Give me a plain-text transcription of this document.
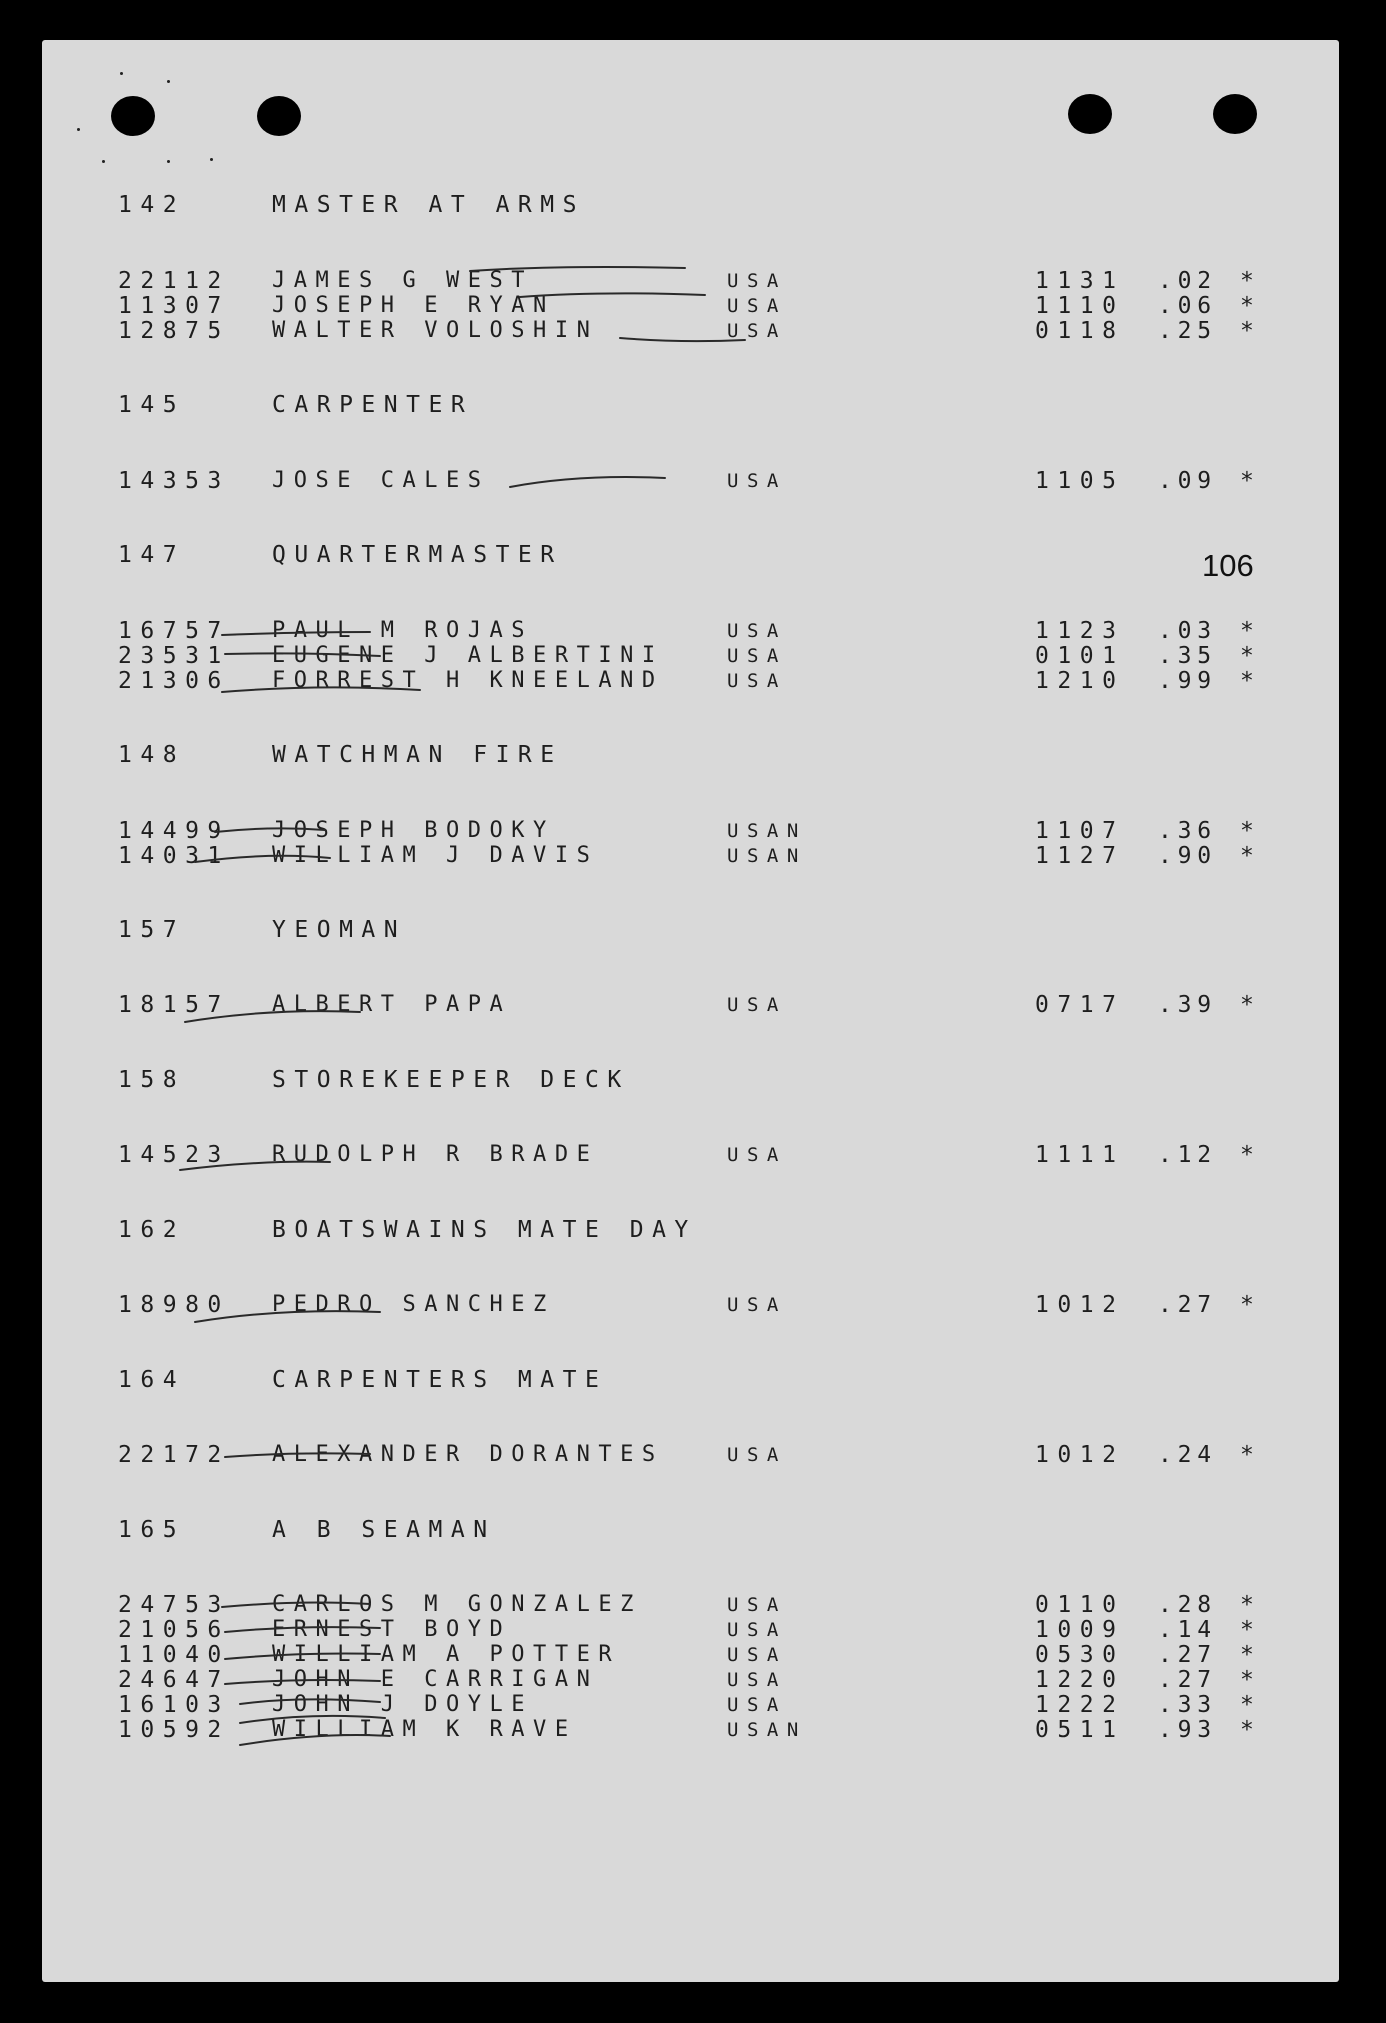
142	MASTER AT ARMS
22112 JAMES G WEST	USA	1131 .02 *
11307 JOSEPH E RYAN	USA	1110 .06 *
12875 WALTER VOLOSHIN	USA	0118 .25 *
145	CARPENTER
14353 JOSE CALES	USA	1105 .09 *
147	QUARTERMASTER
16757 PAUL M ROJAS	USA	1123 .03 *
23531 EUGENE J ALBERTINI	USA	0101 .35 *
21306 FORREST H KNEELAND	USA	1210 .99 *
148	WATCHMAN FIRE
14499 JOSEPH BODOKY	USAN	1107 .36 *
14031 WILLIAM J DAVIS	USAN	1127 .90 *
157	YEOMAN
18157 ALBERT PAPA	USA	0717 .39 *
158	STOREKEEPER DECK
14523 RUDOLPH R BRADE	USA	1111 .12 *
162	BOATSWAINS MATE DAY
18980 PEDRO SANCHEZ	USA	1012 .27 *
164	CARPENTERS MATE
22172 ALEXANDER DORANTES	USA	1012 .24 *
165	A B SEAMAN
24753 CARLOS M GONZALEZ	USA	0110 .28 *
21056 ERNEST BOYD	USA	1009 .14 *
11040 WILLIAM A POTTER	USA	0530 .27 *
24647 JOHN E CARRIGAN	USA	1220 .27 *
16103 JOHN J DOYLE	USA	1222 .33 *
10592 WILLIAM K RAVE	USAN	0511 .93 *
106
